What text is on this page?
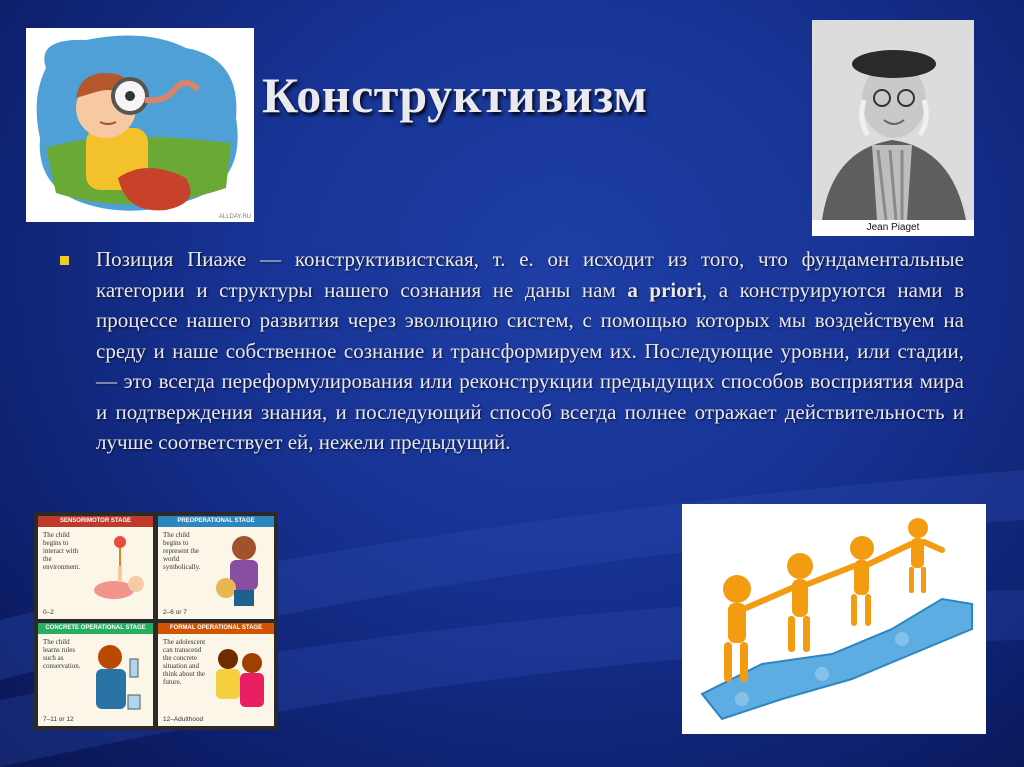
ALLDAY.RU
Конструктивизм
Jean Piaget
Позиция Пиаже — конструктивистская, т. е. он исходит из того, что фундаментальные категории и структуры нашего сознания не даны нам a priori, а конструируются нами в процессе нашего развития через эволюцию систем, с помощью которых мы воздействуем на среду и наше собственное сознание и трансформируем их. Последующие уровни, или стадии, — это всегда переформулирования или реконструкции предыдущих способов восприятия мира и подтверждения знания, и последующий способ всегда полнее отражает действительность и лучше соответствует ей, нежели предыдущий.
SENSORIMOTOR STAGE
The child begins to interact with the environment.
0–2
PREOPERATIONAL STAGE
The child begins to represent the world symbolically.
2–6 or 7
CONCRETE OPERATIONAL STAGE
The child learns rules such as conservation.
7–11 or 12
FORMAL OPERATIONAL STAGE
The adolescent can transcend the concrete situation and think about the future.
12–Adulthood
